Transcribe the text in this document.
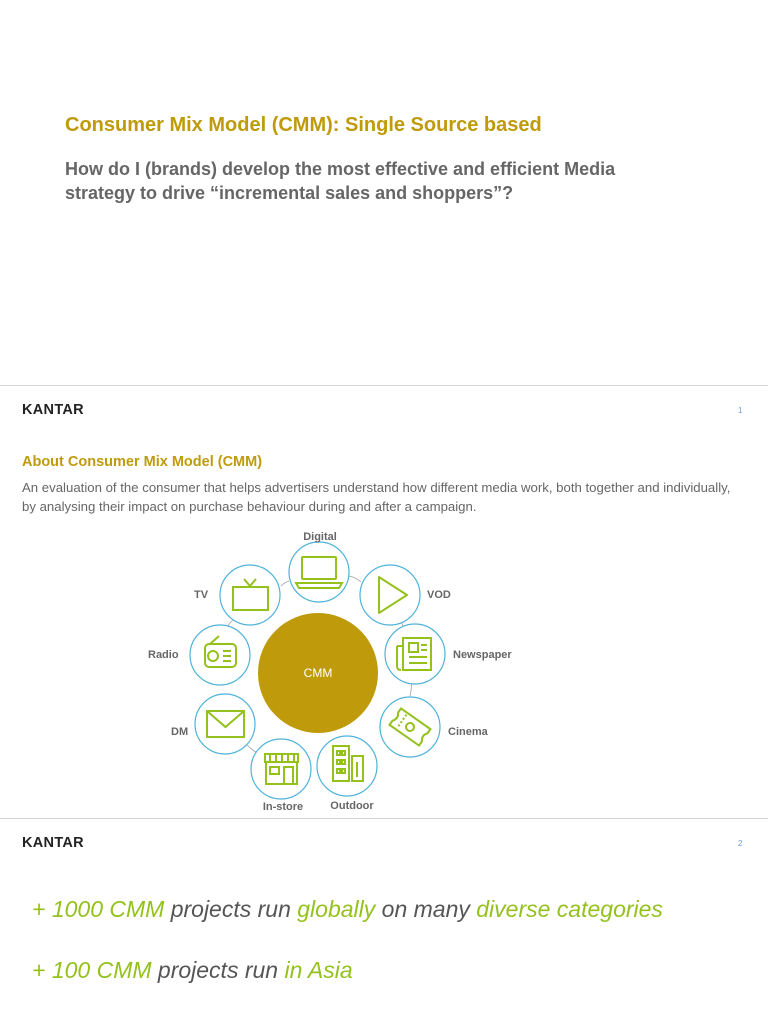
Consumer Mix Model (CMM): Single Source based
How do I (brands) develop the most effective and efficient Media strategy to drive “incremental sales and shoppers”?
KANTAR	1
About Consumer Mix Model (CMM)
An evaluation of the consumer that helps advertisers understand how different media work, both together and individually, by analysing their impact on purchase behaviour during and after a campaign.
CMM
Digital
VOD
Newspaper
Cinema
Outdoor
In-store
DM
Radio
TV
KANTAR	2
+ 1000 CMM projects run globally on many diverse categories
+ 100 CMM projects run in Asia
